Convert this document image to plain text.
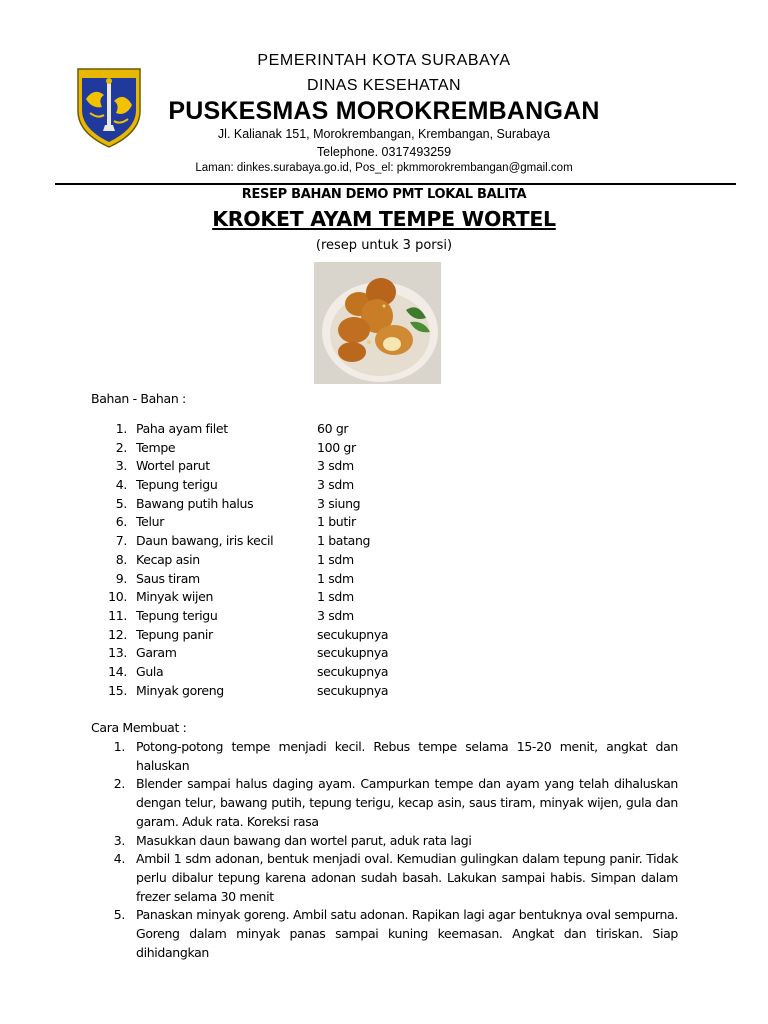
PEMERINTAH KOTA SURABAYA
DINAS KESEHATAN
PUSKESMAS MOROKREMBANGAN
Jl. Kalianak 151, Morokrembangan, Krembangan, Surabaya
Telephone. 0317493259
Laman: dinkes.surabaya.go.id, Pos_el: pkmmorokrembangan@gmail.com
RESEP BAHAN DEMO PMT LOKAL BALITA
KROKET AYAM TEMPE WORTEL
(resep untuk 3 porsi)
Bahan - Bahan :
1. Paha ayam filet	60 gr
2. Tempe	100 gr
3. Wortel parut	3 sdm
4. Tepung terigu	3 sdm
5. Bawang putih halus	3 siung
6. Telur	1 butir
7. Daun bawang, iris kecil	1 batang
8. Kecap asin	1 sdm
9. Saus tiram	1 sdm
10. Minyak wijen	1 sdm
11. Tepung terigu	3 sdm
12. Tepung panir	secukupnya
13. Garam	secukupnya
14. Gula	secukupnya
15. Minyak goreng	secukupnya
Cara Membuat :
1. Potong-potong tempe menjadi kecil. Rebus tempe selama 15-20 menit, angkat dan haluskan
2. Blender sampai halus daging ayam. Campurkan tempe dan ayam yang telah dihaluskan dengan telur, bawang putih, tepung terigu, kecap asin, saus tiram, minyak wijen, gula dan garam. Aduk rata. Koreksi rasa
3. Masukkan daun bawang dan wortel parut, aduk rata lagi
4. Ambil 1 sdm adonan, bentuk menjadi oval. Kemudian gulingkan dalam tepung panir. Tidak perlu dibalur tepung karena adonan sudah basah. Lakukan sampai habis. Simpan dalam frezer selama 30 menit
5. Panaskan minyak goreng. Ambil satu adonan. Rapikan lagi agar bentuknya oval sempurna. Goreng dalam minyak panas sampai kuning keemasan. Angkat dan tiriskan. Siap dihidangkan
